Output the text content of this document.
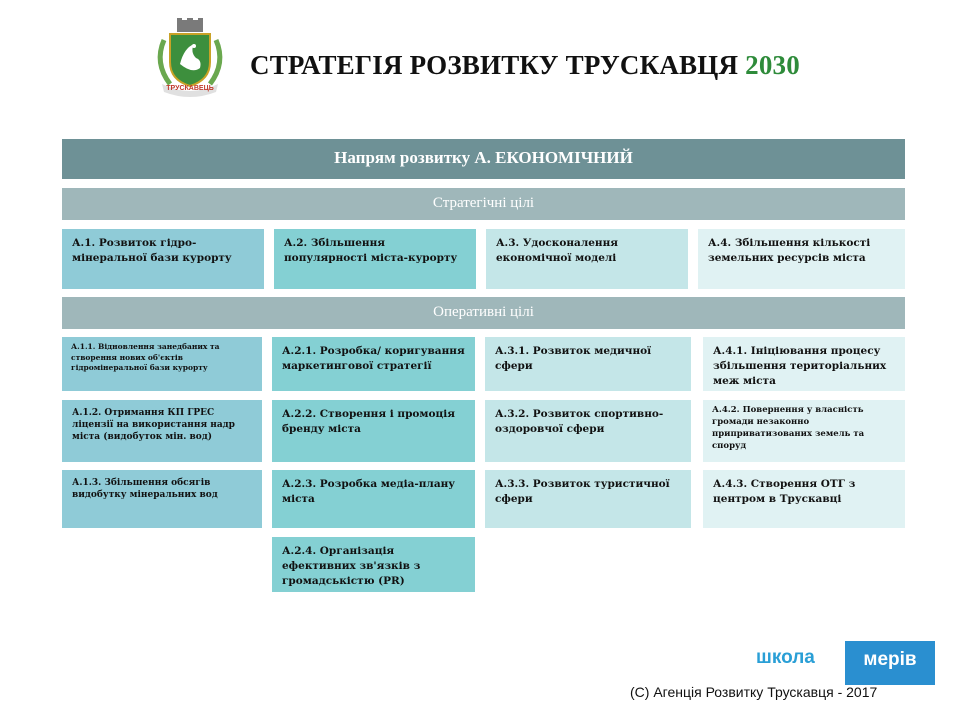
ТРУСКАВЕЦЬ
СТРАТЕГІЯ РОЗВИТКУ ТРУСКАВЦЯ 2030
Напрям розвитку А. ЕКОНОМІЧНИЙ
Стратегічні цілі
А.1. Розвиток гідро-мінеральної бази курорту
А.2. Збільшення популярності міста-курорту
А.3. Удосконалення економічної моделі
А.4. Збільшення кількості земельних ресурсів міста
Оперативні цілі
А.1.1. Відновлення занедбаних та створення нових об'єктів гідромінеральної бази курорту
А.1.2. Отримання КП ГРЕС ліцензії на використання надр міста (видобуток мін. вод)
А.1.3. Збільшення обсягів видобутку мінеральних вод
А.2.1. Розробка/ коригування маркетингової стратегії
А.2.2. Створення і промоція бренду міста
А.2.3. Розробка медіа-плану міста
А.2.4. Організація ефективних зв'язків з громадськістю (PR)
А.3.1. Розвиток медичної сфери
А.3.2. Розвиток спортивно-оздоровчої сфери
А.3.3. Розвиток туристичної сфери
А.4.1. Ініціювання процесу збільшення територіальних меж міста
А.4.2. Повернення у власність громади незаконно приприватизованих земель та споруд
А.4.3. Створення ОТГ з центром в Трускавці
школа	мерів
(С) Агенція Розвитку Трускавця - 2017
